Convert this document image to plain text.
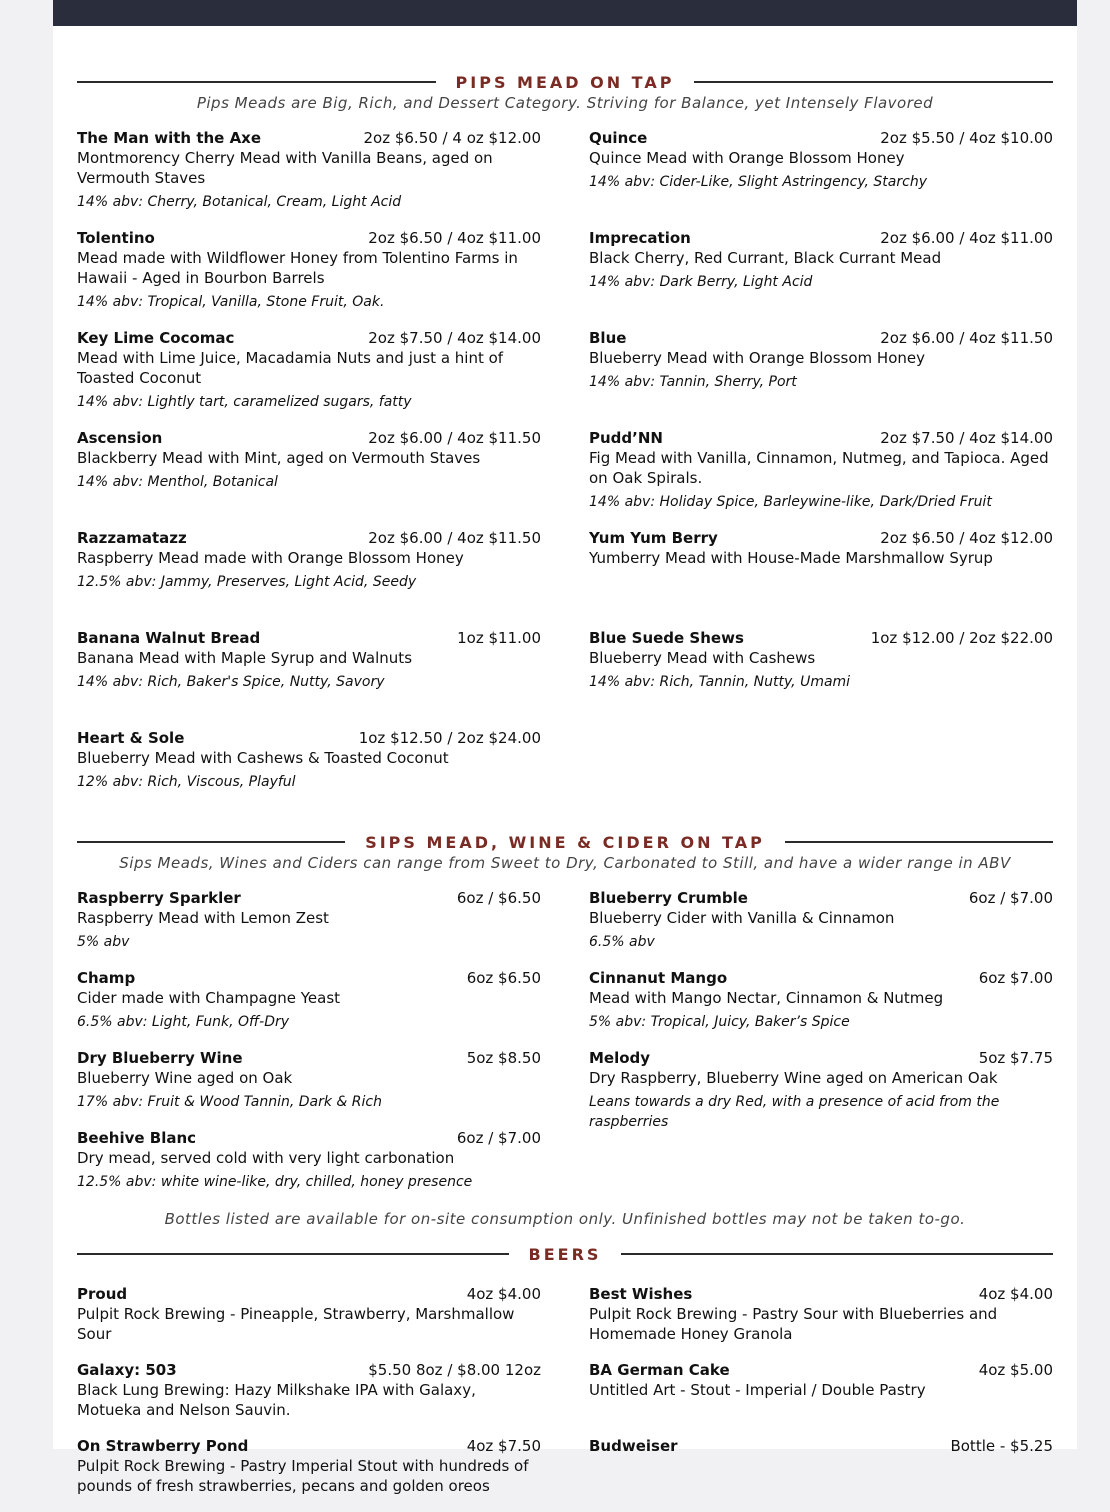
PIPS MEAD ON TAP
Pips Meads are Big, Rich, and Dessert Category. Striving for Balance, yet Intensely Flavored
The Man with the Axe	2oz $6.50 / 4 oz $12.00
Montmorency Cherry Mead with Vanilla Beans, aged on Vermouth Staves
14% abv: Cherry, Botanical, Cream, Light Acid
Tolentino	2oz $6.50 / 4oz $11.00
Mead made with Wildflower Honey from Tolentino Farms in Hawaii - Aged in Bourbon Barrels
14% abv: Tropical, Vanilla, Stone Fruit, Oak.
Key Lime Cocomac	2oz $7.50 / 4oz $14.00
Mead with Lime Juice, Macadamia Nuts and just a hint of Toasted Coconut
14% abv: Lightly tart, caramelized sugars, fatty
Ascension	2oz $6.00 / 4oz $11.50
Blackberry Mead with Mint, aged on Vermouth Staves
14% abv: Menthol, Botanical
Razzamatazz	2oz $6.00 / 4oz $11.50
Raspberry Mead made with Orange Blossom Honey
12.5% abv: Jammy, Preserves, Light Acid, Seedy
Banana Walnut Bread	1oz $11.00
Banana Mead with Maple Syrup and Walnuts
14% abv: Rich, Baker's Spice, Nutty, Savory
Heart & Sole	1oz $12.50 / 2oz $24.00
Blueberry Mead with Cashews & Toasted Coconut
12% abv: Rich, Viscous, Playful
Quince	2oz $5.50 / 4oz $10.00
Quince Mead with Orange Blossom Honey
14% abv: Cider-Like, Slight Astringency, Starchy
Imprecation	2oz $6.00 / 4oz $11.00
Black Cherry, Red Currant, Black Currant Mead
14% abv: Dark Berry, Light Acid
Blue	2oz $6.00 / 4oz $11.50
Blueberry Mead with Orange Blossom Honey
14% abv: Tannin, Sherry, Port
Pudd’NN	2oz $7.50 / 4oz $14.00
Fig Mead with Vanilla, Cinnamon, Nutmeg, and Tapioca. Aged on Oak Spirals.
14% abv: Holiday Spice, Barleywine-like, Dark/Dried Fruit
Yum Yum Berry	2oz $6.50 / 4oz $12.00
Yumberry Mead with House-Made Marshmallow Syrup
Blue Suede Shews	1oz $12.00 / 2oz $22.00
Blueberry Mead with Cashews
14% abv: Rich, Tannin, Nutty, Umami
SIPS MEAD, WINE & CIDER ON TAP
Sips Meads, Wines and Ciders can range from Sweet to Dry, Carbonated to Still, and have a wider range in ABV
Raspberry Sparkler	6oz / $6.50
Raspberry Mead with Lemon Zest
5% abv
Champ	6oz $6.50
Cider made with Champagne Yeast
6.5% abv: Light, Funk, Off-Dry
Dry Blueberry Wine	5oz $8.50
Blueberry Wine aged on Oak
17% abv: Fruit & Wood Tannin, Dark & Rich
Beehive Blanc	6oz / $7.00
Dry mead, served cold with very light carbonation
12.5% abv: white wine-like, dry, chilled, honey presence
Blueberry Crumble	6oz / $7.00
Blueberry Cider with Vanilla & Cinnamon
6.5% abv
Cinnanut Mango	6oz $7.00
Mead with Mango Nectar, Cinnamon & Nutmeg
5% abv: Tropical, Juicy, Baker’s Spice
Melody	5oz $7.75
Dry Raspberry, Blueberry Wine aged on American Oak
Leans towards a dry Red, with a presence of acid from the raspberries
Bottles listed are available for on-site consumption only. Unfinished bottles may not be taken to-go.
BEERS
Proud	4oz $4.00
Pulpit Rock Brewing - Pineapple, Strawberry, Marshmallow Sour
Galaxy: 503	$5.50 8oz / $8.00 12oz
Black Lung Brewing: Hazy Milkshake IPA with Galaxy, Motueka and Nelson Sauvin.
On Strawberry Pond	4oz $7.50
Pulpit Rock Brewing - Pastry Imperial Stout with hundreds of pounds of fresh strawberries, pecans and golden oreos
Best Wishes	4oz $4.00
Pulpit Rock Brewing - Pastry Sour with Blueberries and Homemade Honey Granola
BA German Cake	4oz $5.00
Untitled Art - Stout - Imperial / Double Pastry
Budweiser	Bottle - $5.25
